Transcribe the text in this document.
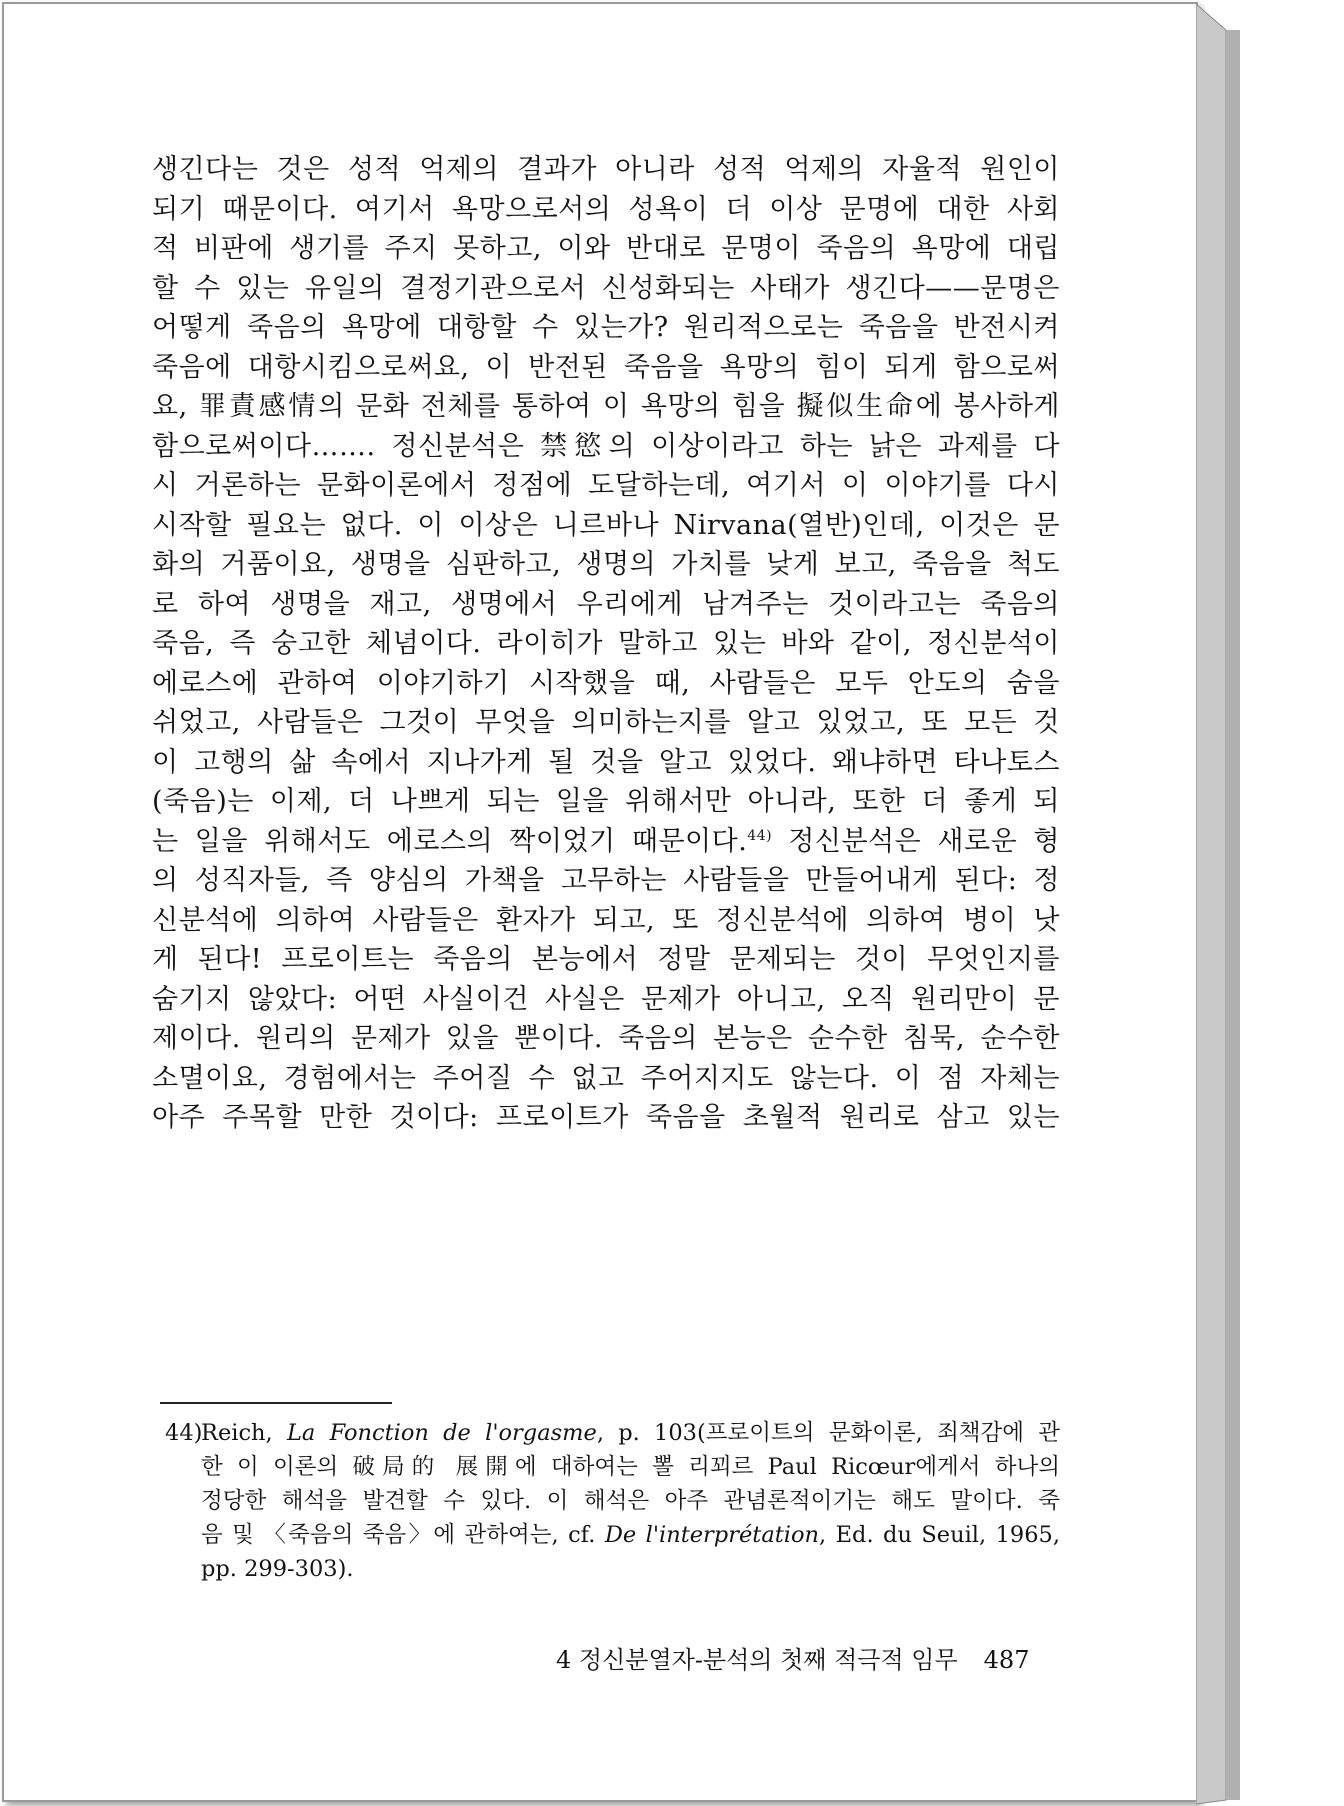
생긴다는 것은 성적 억제의 결과가 아니라 성적 억제의 자율적 원인이
되기 때문이다. 여기서 욕망으로서의 성욕이 더 이상 문명에 대한 사회
적 비판에 생기를 주지 못하고, 이와 반대로 문명이 죽음의 욕망에 대립
할 수 있는 유일의 결정기관으로서 신성화되는 사태가 생긴다——문명은
어떻게 죽음의 욕망에 대항할 수 있는가? 원리적으로는 죽음을 반전시켜
죽음에 대항시킴으로써요, 이 반전된 죽음을 욕망의 힘이 되게 함으로써
요, 罪責感情의 문화 전체를 통하여 이 욕망의 힘을 擬似生命에 봉사하게
함으로써이다……. 정신분석은 禁慾의 이상이라고 하는 낡은 과제를 다
시 거론하는 문화이론에서 정점에 도달하는데, 여기서 이 이야기를 다시
시작할 필요는 없다. 이 이상은 니르바나 Nirvana(열반)인데, 이것은 문
화의 거품이요, 생명을 심판하고, 생명의 가치를 낮게 보고, 죽음을 척도
로 하여 생명을 재고, 생명에서 우리에게 남겨주는 것이라고는 죽음의
죽음, 즉 숭고한 체념이다. 라이히가 말하고 있는 바와 같이, 정신분석이
에로스에 관하여 이야기하기 시작했을 때, 사람들은 모두 안도의 숨을
쉬었고, 사람들은 그것이 무엇을 의미하는지를 알고 있었고, 또 모든 것
이 고행의 삶 속에서 지나가게 될 것을 알고 있었다. 왜냐하면 타나토스
(죽음)는 이제, 더 나쁘게 되는 일을 위해서만 아니라, 또한 더 좋게 되
는 일을 위해서도 에로스의 짝이었기 때문이다.$^{44)}$ 정신분석은 새로운 형
의 성직자들, 즉 양심의 가책을 고무하는 사람들을 만들어내게 된다: 정
신분석에 의하여 사람들은 환자가 되고, 또 정신분석에 의하여 병이 낫
게 된다! 프로이트는 죽음의 본능에서 정말 문제되는 것이 무엇인지를
숨기지 않았다: 어떤 사실이건 사실은 문제가 아니고, 오직 원리만이 문
제이다. 원리의 문제가 있을 뿐이다. 죽음의 본능은 순수한 침묵, 순수한
소멸이요, 경험에서는 주어질 수 없고 주어지지도 않는다. 이 점 자체는
아주 주목할 만한 것이다: 프로이트가 죽음을 초월적 원리로 삼고 있는
44)Reich, La Fonction de l'orgasme, p. 103(프로이트의 문화이론, 죄책감에 관
한 이 이론의 破局的 展開에 대하여는 뽈 리꾀르 Paul Ricœur에게서 하나의
정당한 해석을 발견할 수 있다. 이 해석은 아주 관념론적이기는 해도 말이다. 죽
음 및 〈죽음의 죽음〉에 관하여는, cf. De l'interprétation, Ed. du Seuil, 1965,
pp. 299-303).
4 정신분열자-분석의 첫째 적극적 임무 487
